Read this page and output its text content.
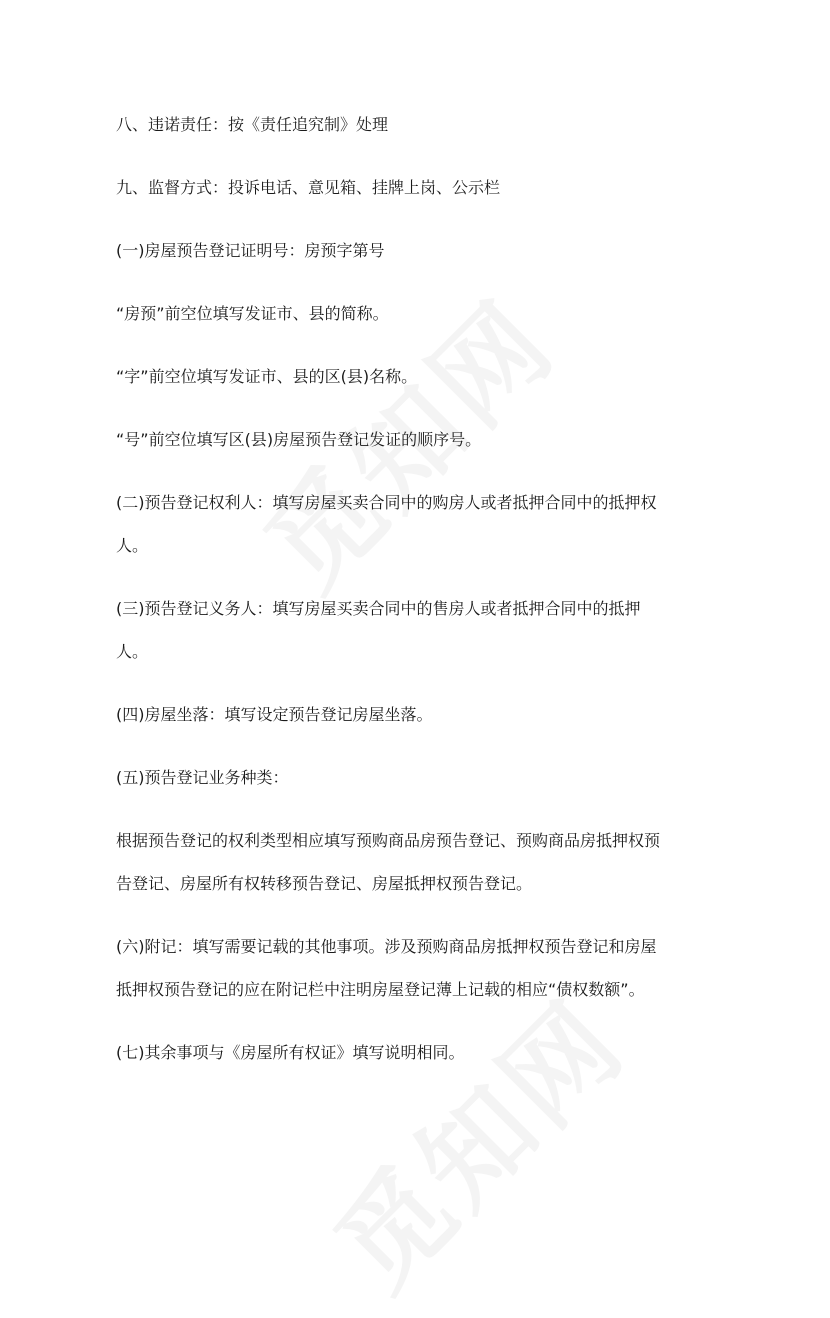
八、违诺责任：按《责任追究制》处理
九、监督方式：投诉电话、意见箱、挂牌上岗、公示栏
(一)房屋预告登记证明号：房预字第号
“房预”前空位填写发证市、县的简称。
“字”前空位填写发证市、县的区(县)名称。
“号”前空位填写区(县)房屋预告登记发证的顺序号。
(二)预告登记权利人：填写房屋买卖合同中的购房人或者抵押合同中的抵押权
人。
(三)预告登记义务人：填写房屋买卖合同中的售房人或者抵押合同中的抵押
人。
(四)房屋坐落：填写设定预告登记房屋坐落。
(五)预告登记业务种类：
根据预告登记的权利类型相应填写预购商品房预告登记、预购商品房抵押权预
告登记、房屋所有权转移预告登记、房屋抵押权预告登记。
(六)附记：填写需要记载的其他事项。涉及预购商品房抵押权预告登记和房屋
抵押权预告登记的应在附记栏中注明房屋登记薄上记载的相应“债权数额”。
(七)其余事项与《房屋所有权证》填写说明相同。
